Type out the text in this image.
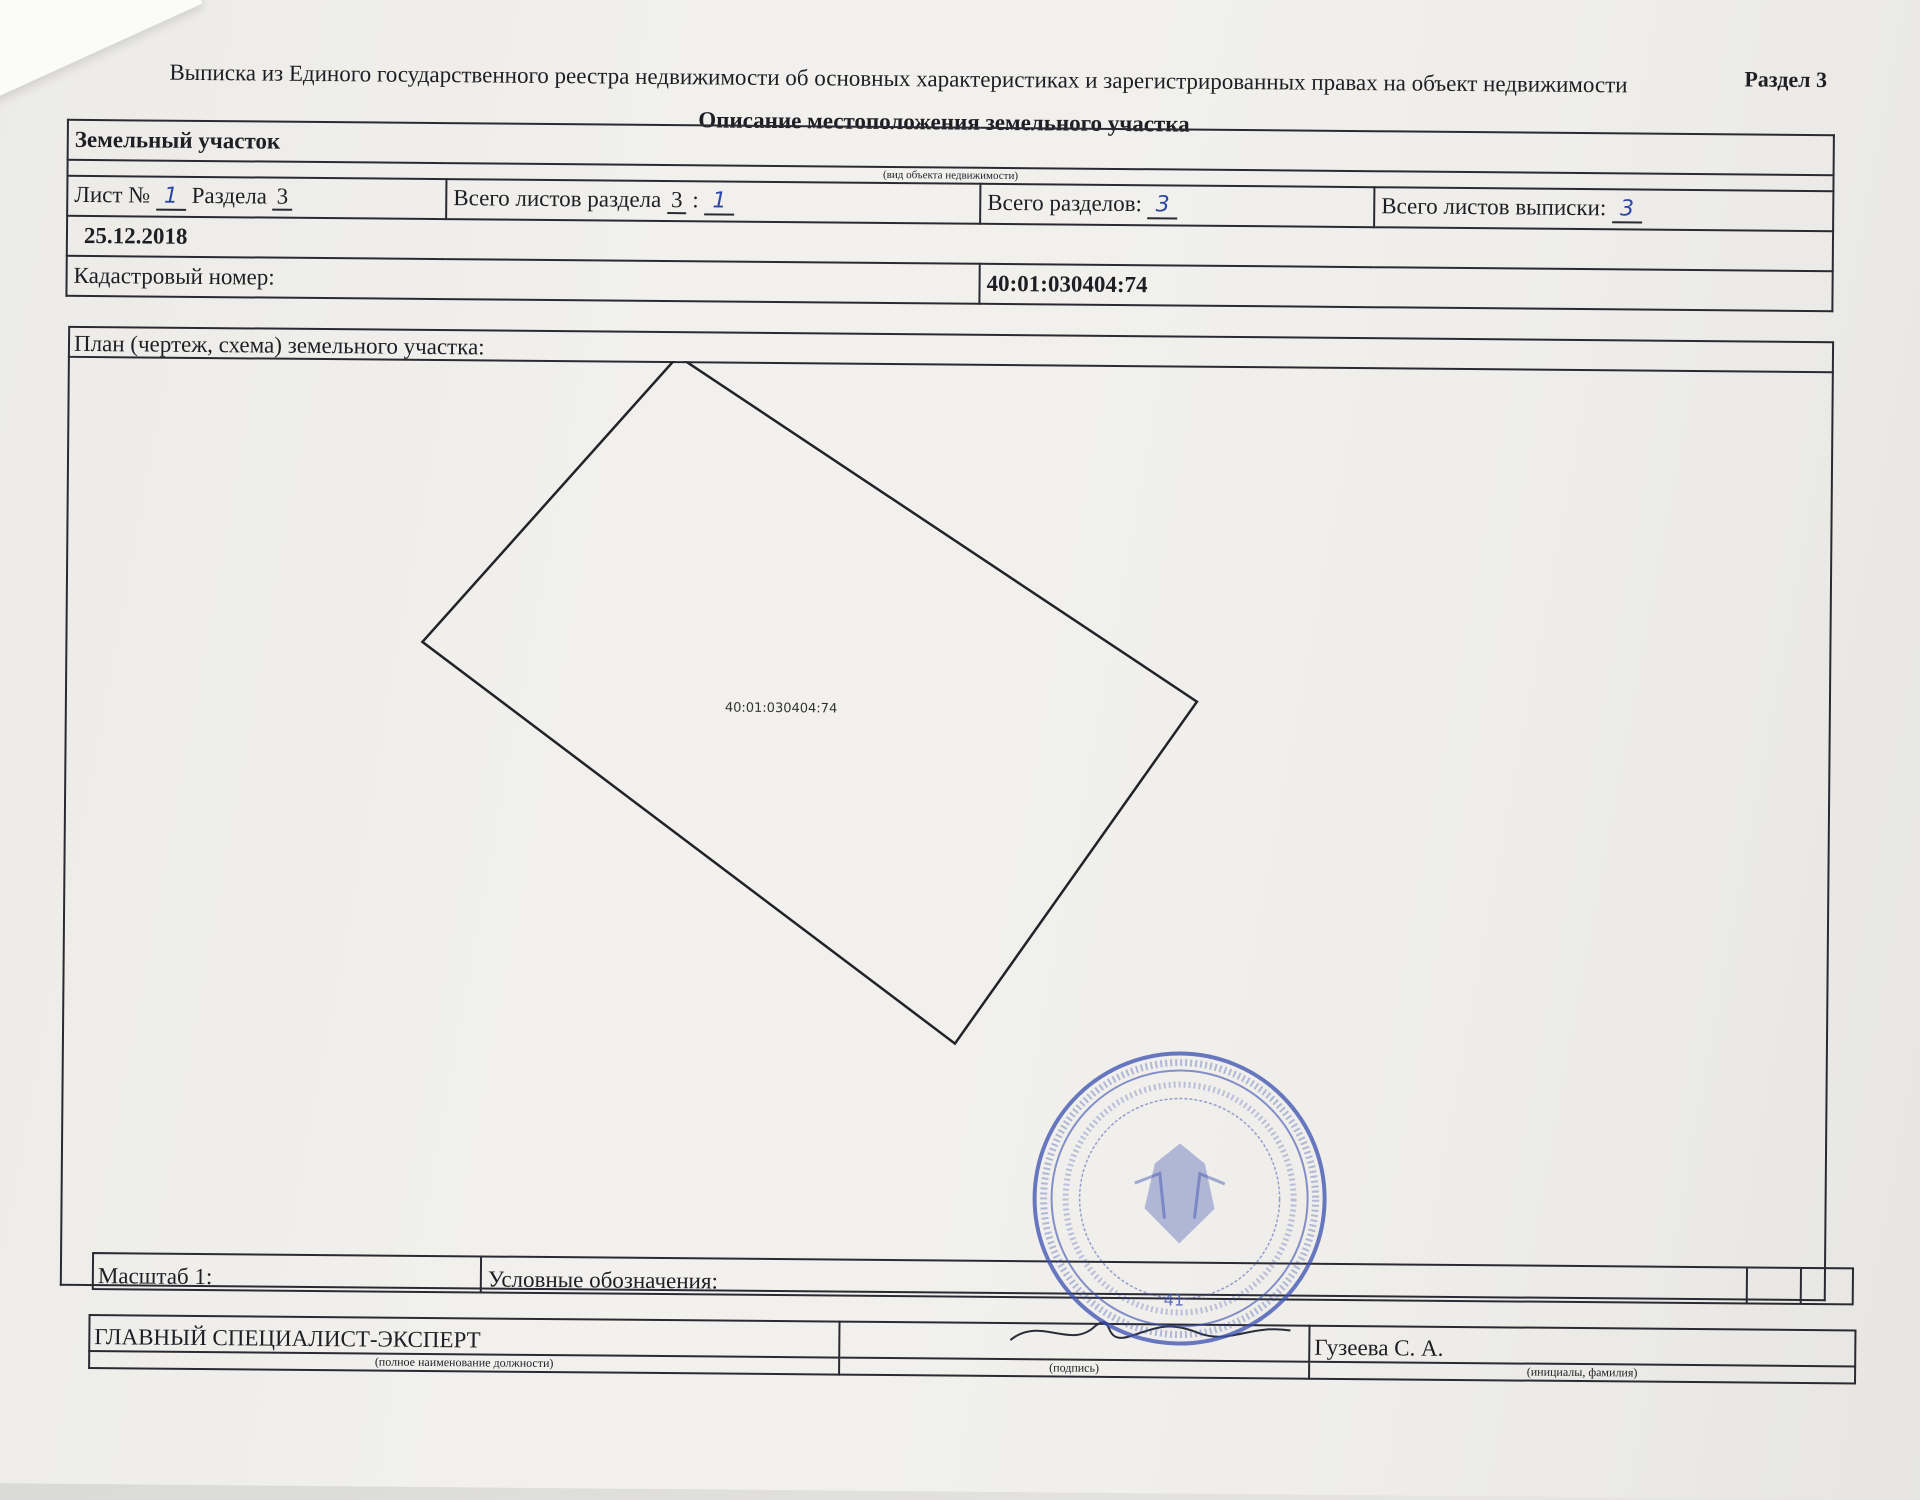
Раздел 3
Выписка из Единого государственного реестра недвижимости об основных характеристиках и зарегистрированных правах на объект недвижимости
Описание местоположения земельного участка
Земельный участок			
(вид объекта недвижимости)			
Лист № 1 Раздела 3	Всего листов раздела 3 : 1	Всего разделов: 3	Всего листов выписки: 3
25.12.2018			
Кадастровый номер:		40:01:030404:74	
План (чертеж, схема) земельного участка:
40:01:030404:74
Масштаб 1:	Условные обозначения:
ГЛАВНЫЙ СПЕЦИАЛИСТ-ЭКСПЕРТ		Гузеева С. А.
(полное наименование должности)	(подпись)	(инициалы, фамилия)
41
